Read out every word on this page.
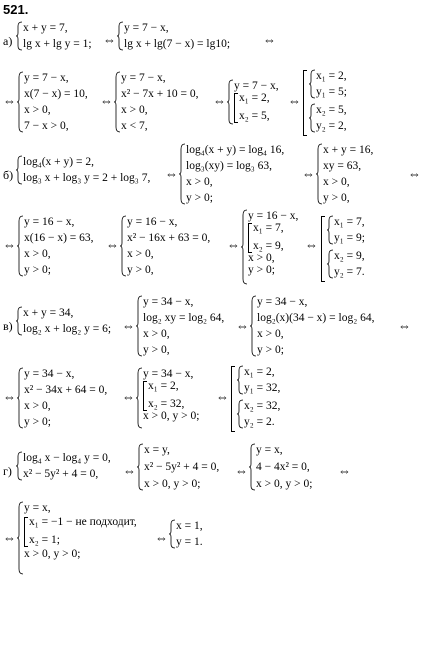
521.
а)
x + y = 7,
lg x + lg y = 1; ⇔
y = 7 − x,
lg x + lg(7 − x) = lg10;	⇔
⇔
y = 7 − x,
x(7 − x) = 10,
x > 0,
7 − x > 0,
⇔
y = 7 − x,
x² − 7x + 10 = 0,
x > 0,
x < 7,
⇔
y = 7 − x,
x₁ = 2,
x₂ = 5,
⇔
x₁ = 2,
y₁ = 5;
x₂ = 5,
y₂ = 2,
б)
log₄(x + y) = 2,
log₃ x + log₃ y = 2 + log₃ 7, ⇔
log₄(x + y) = log₄ 16,
log₃(xy) = log₃ 63,
x > 0,
y > 0;
⇔
x + y = 16,
xy = 63,
x > 0,
y > 0,
⇔
⇔
y = 16 − x,
x(16 − x) = 63,
x > 0,
y > 0;
⇔
y = 16 − x,
x² − 16x + 63 = 0,
x > 0,
y > 0,
⇔
y = 16 − x,
x₁ = 7,
x₂ = 9,
x > 0,
y > 0;
⇔
x₁ = 7,
y₁ = 9;
x₂ = 9,
y₂ = 7.
в)
x + y = 34,
log₂ x + log₂ y = 6; ⇔
y = 34 − x,
log₂ xy = log₂ 64,
x > 0,
y > 0,
⇔
y = 34 − x,
log₂(x)(34 − x) = log₂ 64,
x > 0,
y > 0;
⇔
⇔
y = 34 − x,
x² − 34x + 64 = 0,
x > 0,
y > 0;
⇔
y = 34 − x,
x₁ = 2,
x₂ = 32,
x > 0, y > 0;
⇔
x₁ = 2,
y₁ = 32,
x₂ = 32,
y₂ = 2.
г)
log₄ x − log₄ y = 0,
x² − 5y² + 4 = 0,	⇔
x = y,
x² − 5y² + 4 = 0,
x > 0, y > 0;
⇔
y = x,
4 − 4x² = 0,
x > 0, y > 0;
⇔
⇔
y = x,
x₁ = −1 − не подходит,
x₂ = 1;
x > 0, y > 0;
⇔
x = 1,
y = 1.
